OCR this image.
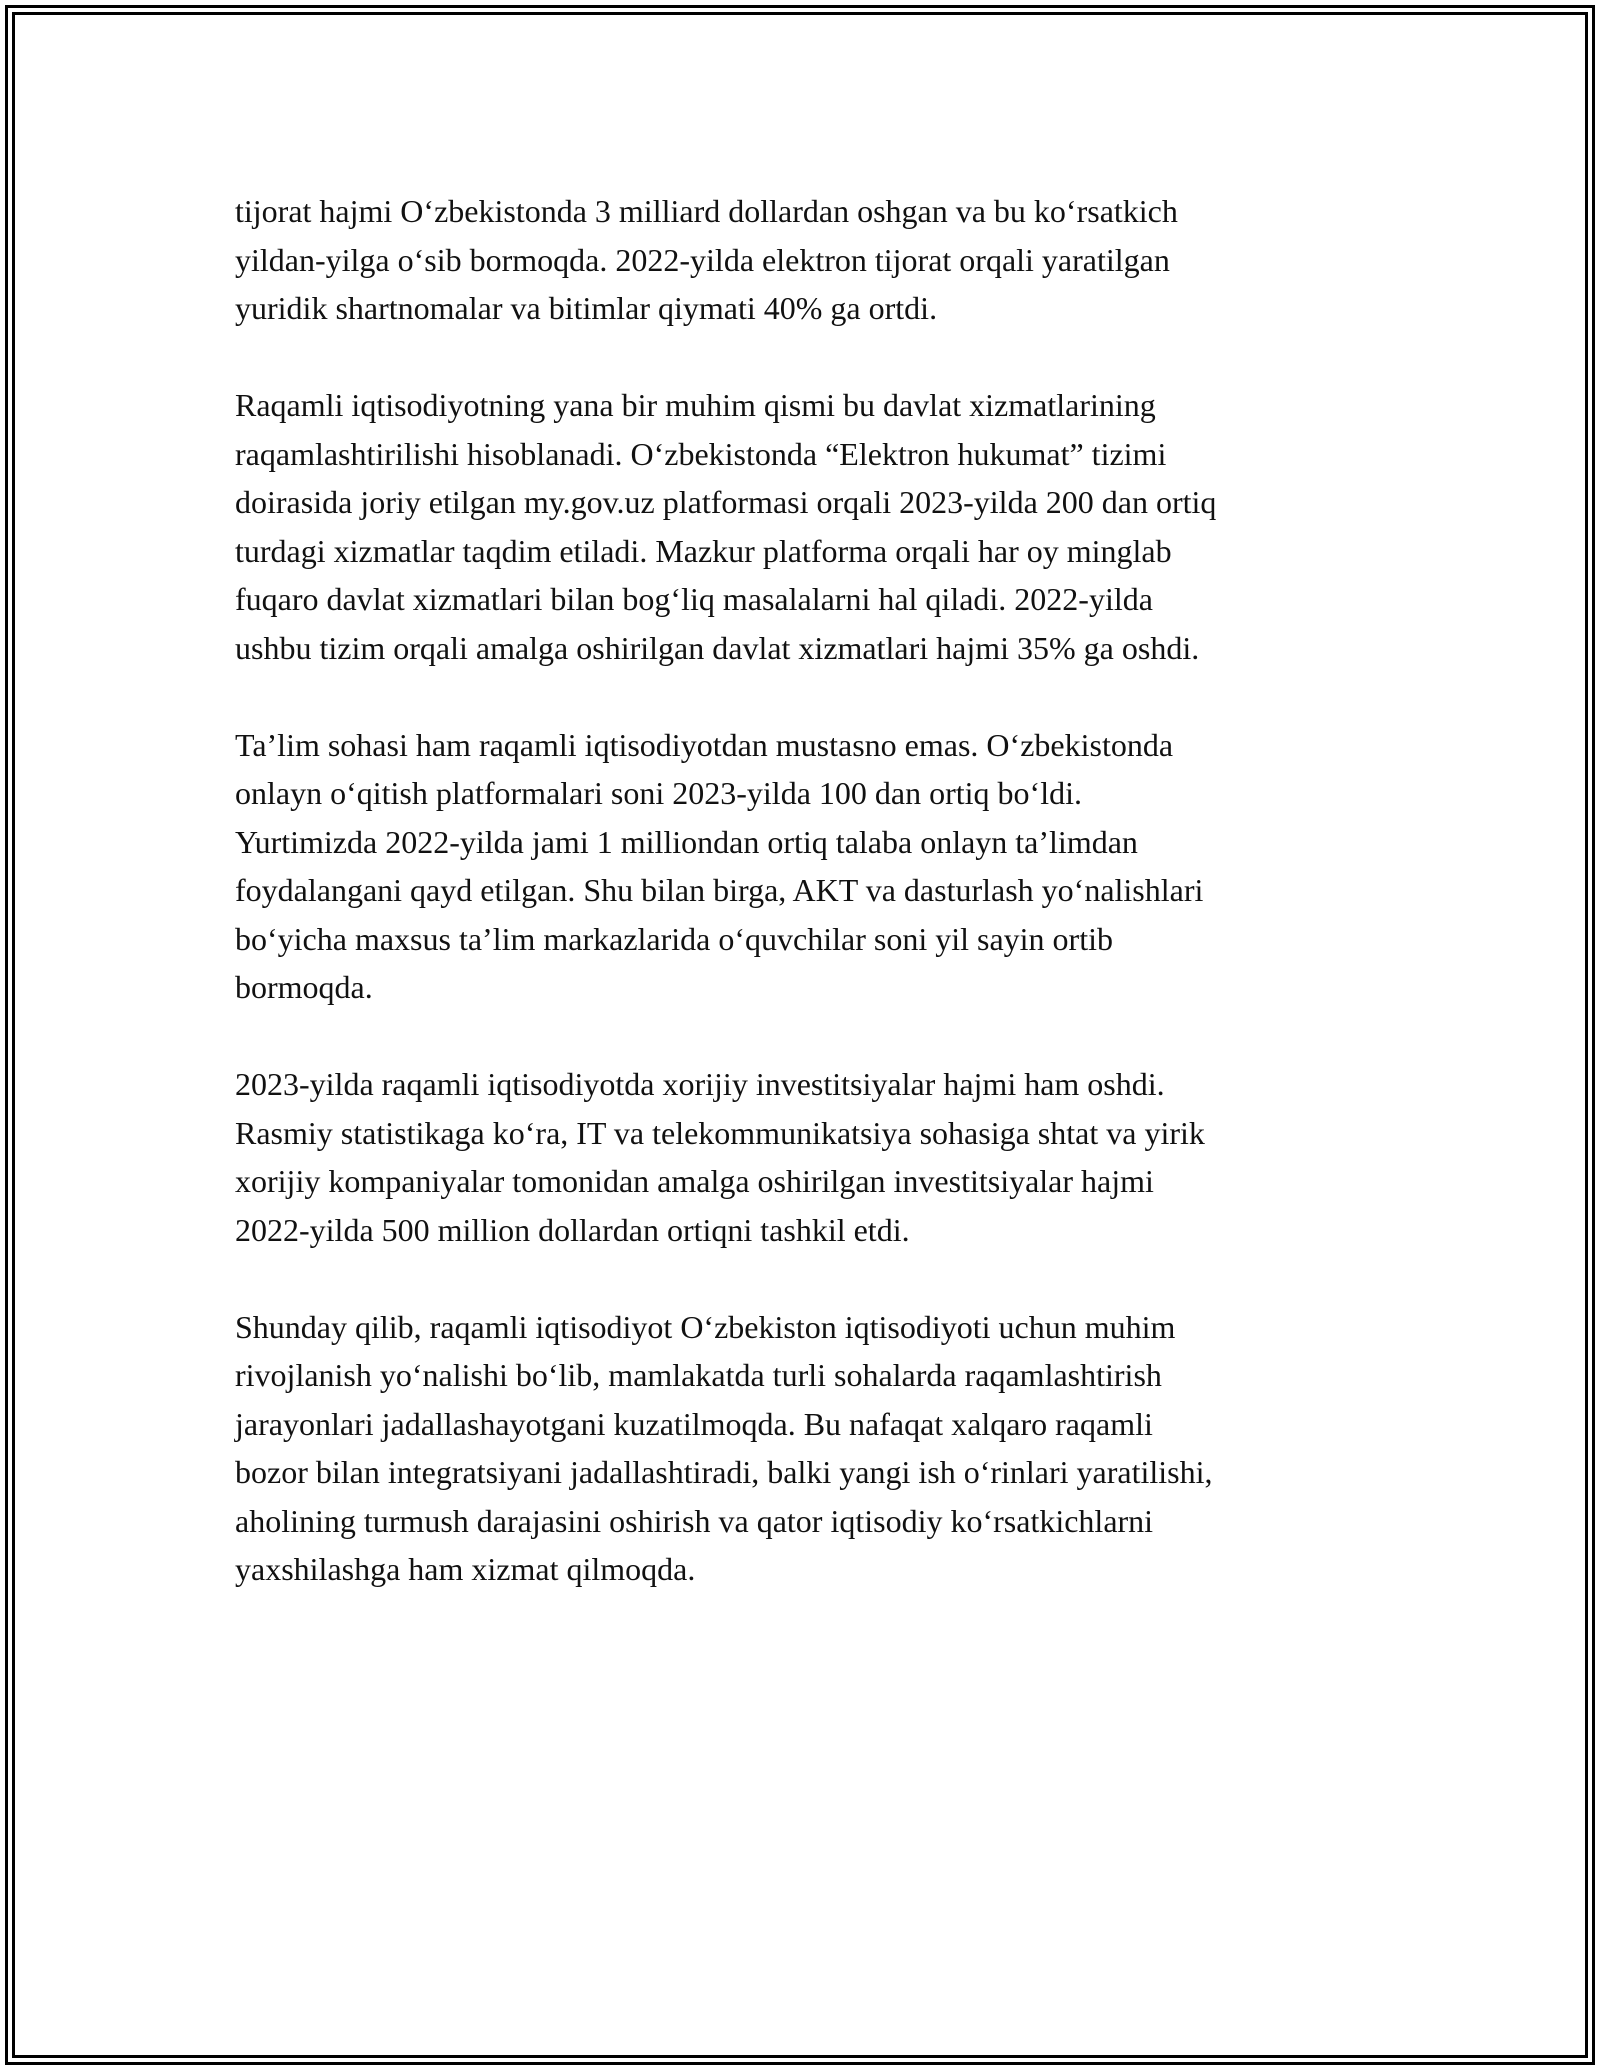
tijorat hajmi O‘zbekistonda 3 milliard dollardan oshgan va bu ko‘rsatkich
yildan-yilga o‘sib bormoqda. 2022-yilda elektron tijorat orqali yaratilgan
yuridik shartnomalar va bitimlar qiymati 40% ga ortdi.

Raqamli iqtisodiyotning yana bir muhim qismi bu davlat xizmatlarining
raqamlashtirilishi hisoblanadi. O‘zbekistonda “Elektron hukumat” tizimi
doirasida joriy etilgan my.gov.uz platformasi orqali 2023-yilda 200 dan ortiq
turdagi xizmatlar taqdim etiladi. Mazkur platforma orqali har oy minglab
fuqaro davlat xizmatlari bilan bog‘liq masalalarni hal qiladi. 2022-yilda
ushbu tizim orqali amalga oshirilgan davlat xizmatlari hajmi 35% ga oshdi.

Ta’lim sohasi ham raqamli iqtisodiyotdan mustasno emas. O‘zbekistonda
onlayn o‘qitish platformalari soni 2023-yilda 100 dan ortiq bo‘ldi.
Yurtimizda 2022-yilda jami 1 milliondan ortiq talaba onlayn ta’limdan
foydalangani qayd etilgan. Shu bilan birga, AKT va dasturlash yo‘nalishlari
bo‘yicha maxsus ta’lim markazlarida o‘quvchilar soni yil sayin ortib
bormoqda.

2023-yilda raqamli iqtisodiyotda xorijiy investitsiyalar hajmi ham oshdi.
Rasmiy statistikaga ko‘ra, IT va telekommunikatsiya sohasiga shtat va yirik
xorijiy kompaniyalar tomonidan amalga oshirilgan investitsiyalar hajmi
2022-yilda 500 million dollardan ortiqni tashkil etdi.

Shunday qilib, raqamli iqtisodiyot O‘zbekiston iqtisodiyoti uchun muhim
rivojlanish yo‘nalishi bo‘lib, mamlakatda turli sohalarda raqamlashtirish
jarayonlari jadallashayotgani kuzatilmoqda. Bu nafaqat xalqaro raqamli
bozor bilan integratsiyani jadallashtiradi, balki yangi ish o‘rinlari yaratilishi,
aholining turmush darajasini oshirish va qator iqtisodiy ko‘rsatkichlarni
yaxshilashga ham xizmat qilmoqda.
